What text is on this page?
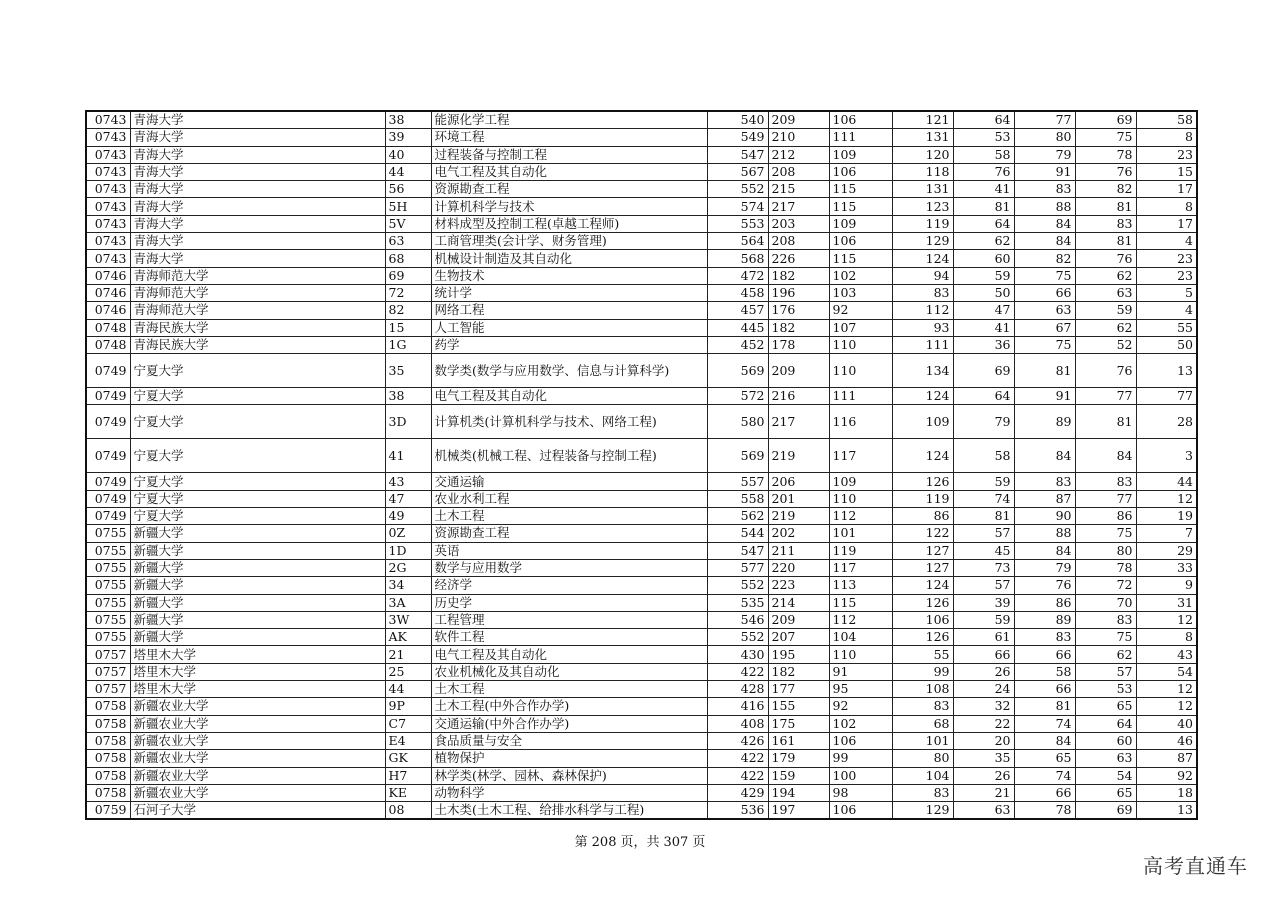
0743	青海大学	38	能源化学工程	540	209	106	121	64	77	69	58
0743	青海大学	39	环境工程	549	210	111	131	53	80	75	8
0743	青海大学	40	过程装备与控制工程	547	212	109	120	58	79	78	23
0743	青海大学	44	电气工程及其自动化	567	208	106	118	76	91	76	15
0743	青海大学	56	资源勘查工程	552	215	115	131	41	83	82	17
0743	青海大学	5H	计算机科学与技术	574	217	115	123	81	88	81	8
0743	青海大学	5V	材料成型及控制工程(卓越工程师)	553	203	109	119	64	84	83	17
0743	青海大学	63	工商管理类(会计学、财务管理)	564	208	106	129	62	84	81	4
0743	青海大学	68	机械设计制造及其自动化	568	226	115	124	60	82	76	23
0746	青海师范大学	69	生物技术	472	182	102	94	59	75	62	23
0746	青海师范大学	72	统计学	458	196	103	83	50	66	63	5
0746	青海师范大学	82	网络工程	457	176	92	112	47	63	59	4
0748	青海民族大学	15	人工智能	445	182	107	93	41	67	62	55
0748	青海民族大学	1G	药学	452	178	110	111	36	75	52	50
0749	宁夏大学	35	数学类(数学与应用数学、信息与计算科学)	569	209	110	134	69	81	76	13
0749	宁夏大学	38	电气工程及其自动化	572	216	111	124	64	91	77	77
0749	宁夏大学	3D	计算机类(计算机科学与技术、网络工程)	580	217	116	109	79	89	81	28
0749	宁夏大学	41	机械类(机械工程、过程装备与控制工程)	569	219	117	124	58	84	84	3
0749	宁夏大学	43	交通运输	557	206	109	126	59	83	83	44
0749	宁夏大学	47	农业水利工程	558	201	110	119	74	87	77	12
0749	宁夏大学	49	土木工程	562	219	112	86	81	90	86	19
0755	新疆大学	0Z	资源勘查工程	544	202	101	122	57	88	75	7
0755	新疆大学	1D	英语	547	211	119	127	45	84	80	29
0755	新疆大学	2G	数学与应用数学	577	220	117	127	73	79	78	33
0755	新疆大学	34	经济学	552	223	113	124	57	76	72	9
0755	新疆大学	3A	历史学	535	214	115	126	39	86	70	31
0755	新疆大学	3W	工程管理	546	209	112	106	59	89	83	12
0755	新疆大学	AK	软件工程	552	207	104	126	61	83	75	8
0757	塔里木大学	21	电气工程及其自动化	430	195	110	55	66	66	62	43
0757	塔里木大学	25	农业机械化及其自动化	422	182	91	99	26	58	57	54
0757	塔里木大学	44	土木工程	428	177	95	108	24	66	53	12
0758	新疆农业大学	9P	土木工程(中外合作办学)	416	155	92	83	32	81	65	12
0758	新疆农业大学	C7	交通运输(中外合作办学)	408	175	102	68	22	74	64	40
0758	新疆农业大学	E4	食品质量与安全	426	161	106	101	20	84	60	46
0758	新疆农业大学	GK	植物保护	422	179	99	80	35	65	63	87
0758	新疆农业大学	H7	林学类(林学、园林、森林保护)	422	159	100	104	26	74	54	92
0758	新疆农业大学	KE	动物科学	429	194	98	83	21	66	65	18
0759	石河子大学	08	土木类(土木工程、给排水科学与工程)	536	197	106	129	63	78	69	13
第 208 页，共 307 页
高考直通车
